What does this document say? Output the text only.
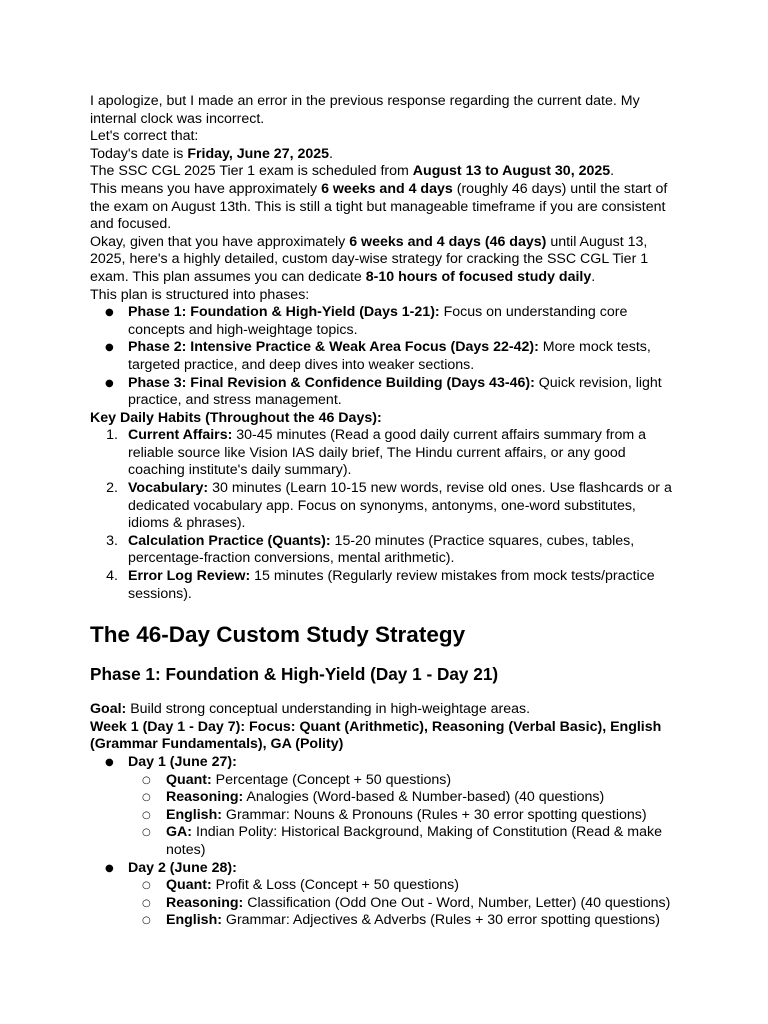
I apologize, but I made an error in the previous response regarding the current date. My internal clock was incorrect.

Let's correct that:

Today's date is Friday, June 27, 2025.

The SSC CGL 2025 Tier 1 exam is scheduled from August 13 to August 30, 2025.

This means you have approximately 6 weeks and 4 days (roughly 46 days) until the start of the exam on August 13th. This is still a tight but manageable timeframe if you are consistent and focused.

Okay, given that you have approximately 6 weeks and 4 days (46 days) until August 13, 2025, here's a highly detailed, custom day-wise strategy for cracking the SSC CGL Tier 1 exam. This plan assumes you can dedicate 8-10 hours of focused study daily.

This plan is structured into phases:

● Phase 1: Foundation & High-Yield (Days 1-21): Focus on understanding core concepts and high-weightage topics.
● Phase 2: Intensive Practice & Weak Area Focus (Days 22-42): More mock tests, targeted practice, and deep dives into weaker sections.
● Phase 3: Final Revision & Confidence Building (Days 43-46): Quick revision, light practice, and stress management.

Key Daily Habits (Throughout the 46 Days):

1. Current Affairs: 30-45 minutes (Read a good daily current affairs summary from a reliable source like Vision IAS daily brief, The Hindu current affairs, or any good coaching institute's daily summary).
2. Vocabulary: 30 minutes (Learn 10-15 new words, revise old ones. Use flashcards or a dedicated vocabulary app. Focus on synonyms, antonyms, one-word substitutes, idioms & phrases).
3. Calculation Practice (Quants): 15-20 minutes (Practice squares, cubes, tables, percentage-fraction conversions, mental arithmetic).
4. Error Log Review: 15 minutes (Regularly review mistakes from mock tests/practice sessions).
The 46-Day Custom Study Strategy
Phase 1: Foundation & High-Yield (Day 1 - Day 21)

Goal: Build strong conceptual understanding in high-weightage areas.

Week 1 (Day 1 - Day 7): Focus: Quant (Arithmetic), Reasoning (Verbal Basic), English (Grammar Fundamentals), GA (Polity)

● Day 1 (June 27):
○ Quant: Percentage (Concept + 50 questions)
○ Reasoning: Analogies (Word-based & Number-based) (40 questions)
○ English: Grammar: Nouns & Pronouns (Rules + 30 error spotting questions)
○ GA: Indian Polity: Historical Background, Making of Constitution (Read & make notes)
● Day 2 (June 28):
○ Quant: Profit & Loss (Concept + 50 questions)
○ Reasoning: Classification (Odd One Out - Word, Number, Letter) (40 questions)
○ English: Grammar: Adjectives & Adverbs (Rules + 30 error spotting questions)
